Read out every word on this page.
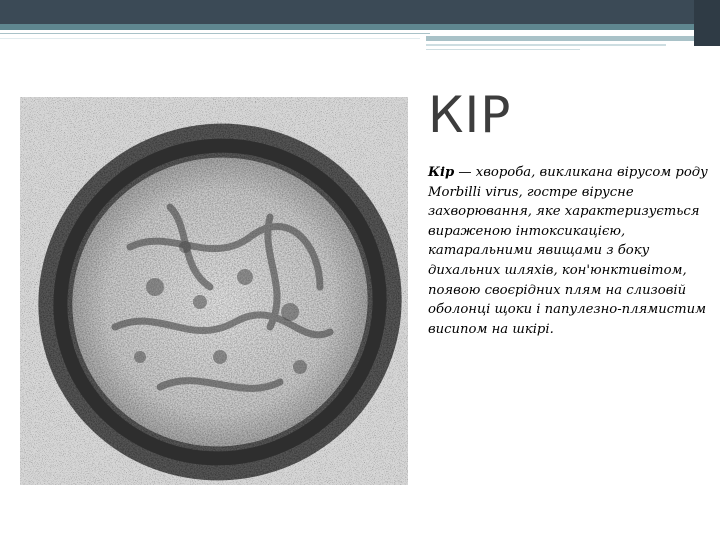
КІР
Кір — хвороба, викликана вірусом роду Morbilli virus, гостре вірусне захворювання, яке характеризується вираженою інтоксикацією, катаральними явищами з боку дихальних шляхів, кон'юнктивітом, появою своєрідних плям на слизовій оболонці щоки і папулезно-плямистим висипом на шкірі.
